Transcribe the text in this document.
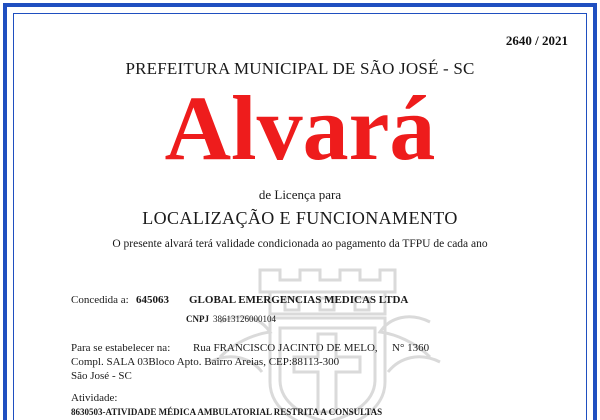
2640 / 2021
PREFEITURA MUNICIPAL DE SÃO JOSÉ - SC
Alvará
de Licença para
LOCALIZAÇÃO E FUNCIONAMENTO
O presente alvará terá validade condicionada ao pagamento da TFPU de cada ano
Concedida a: 645063 GLOBAL EMERGENCIAS MEDICAS LTDA
CNPJ 38613126000104
Para se estabelecer na: Rua FRANCISCO JACINTO DE MELO, N° 1360
Compl. SALA 03Bloco Apto. Bairro Areias, CEP:88113-300
São José - SC
Atividade:
8630503-ATIVIDADE MÉDICA AMBULATORIAL RESTRITA A CONSULTAS
